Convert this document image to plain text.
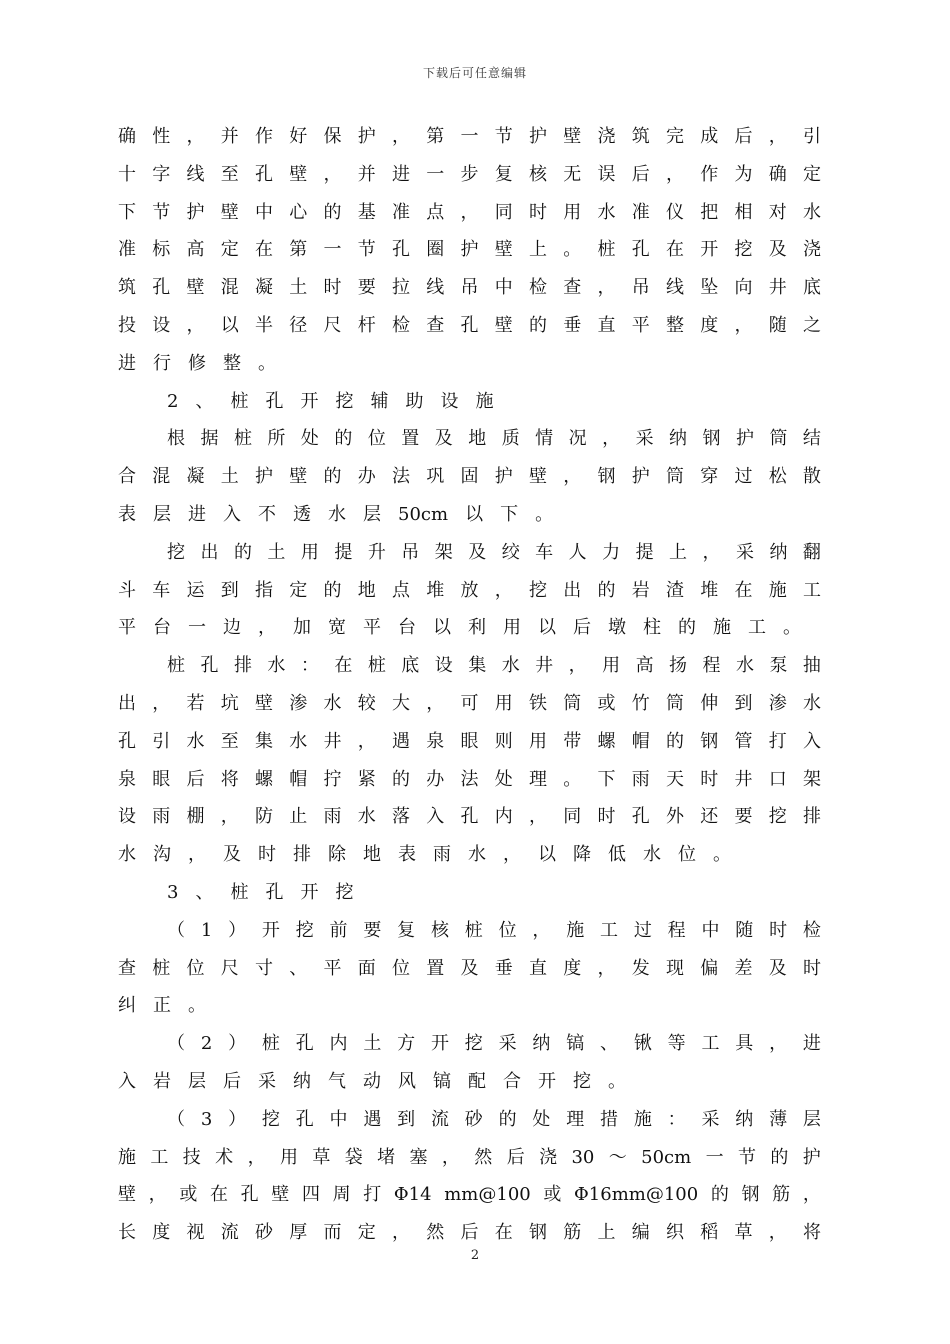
下载后可任意编辑
确 性 ， 并 作 好 保 护 ， 第 一 节 护 壁 浇 筑 完 成 后 ， 引
十 字 线 至 孔 壁 ， 并 进 一 步 复 核 无 误 后 ， 作 为 确 定
下 节 护 壁 中 心 的 基 准 点 ， 同 时 用 水 准 仪 把 相 对 水
准 标 高 定 在 第 一 节 孔 圈 护 壁 上 。 桩 孔 在 开 挖 及 浇
筑 孔 壁 混 凝 土 时 要 拉 线 吊 中 检 查 ， 吊 线 坠 向 井 底
投 设 ， 以 半 径 尺 杆 检 查 孔 壁 的 垂 直 平 整 度 ， 随 之
进 行 修 整 。
2 、 桩 孔 开 挖 辅 助 设 施
根 据 桩 所 处 的 位 置 及 地 质 情 况 ， 采 纳 钢 护 筒 结
合 混 凝 土 护 壁 的 办 法 巩 固 护 壁 ， 钢 护 筒 穿 过 松 散
表 层 进 入 不 透 水 层 50cm 以 下 。
挖 出 的 土 用 提 升 吊 架 及 绞 车 人 力 提 上 ， 采 纳 翻
斗 车 运 到 指 定 的 地 点 堆 放 ， 挖 出 的 岩 渣 堆 在 施 工
平 台 一 边 ， 加 宽 平 台 以 利 用 以 后 墩 柱 的 施 工 。
桩 孔 排 水 ： 在 桩 底 设 集 水 井 ， 用 高 扬 程 水 泵 抽
出 ， 若 坑 壁 渗 水 较 大 ， 可 用 铁 筒 或 竹 筒 伸 到 渗 水
孔 引 水 至 集 水 井 ， 遇 泉 眼 则 用 带 螺 帽 的 钢 管 打 入
泉 眼 后 将 螺 帽 拧 紧 的 办 法 处 理 。 下 雨 天 时 井 口 架
设 雨 棚 ， 防 止 雨 水 落 入 孔 内 ， 同 时 孔 外 还 要 挖 排
水 沟 ， 及 时 排 除 地 表 雨 水 ， 以 降 低 水 位 。
3 、 桩 孔 开 挖
（ 1 ） 开 挖 前 要 复 核 桩 位 ， 施 工 过 程 中 随 时 检
查 桩 位 尺 寸 、 平 面 位 置 及 垂 直 度 ， 发 现 偏 差 及 时
纠 正 。
（ 2 ） 桩 孔 内 土 方 开 挖 采 纳 镐 、 锹 等 工 具 ， 进
入 岩 层 后 采 纳 气 动 风 镐 配 合 开 挖 。
（ 3 ） 挖 孔 中 遇 到 流 砂 的 处 理 措 施 ： 采 纳 薄 层
施 工 技 术 ， 用 草 袋 堵 塞 ， 然 后 浇 30 ～ 50cm 一 节 的 护
壁 ， 或 在 孔 壁 四 周 打 Φ14 mm@100 或 Φ16mm@100 的 钢 筋 ，
长 度 视 流 砂 厚 而 定 ， 然 后 在 钢 筋 上 编 织 稻 草 ， 将
2
